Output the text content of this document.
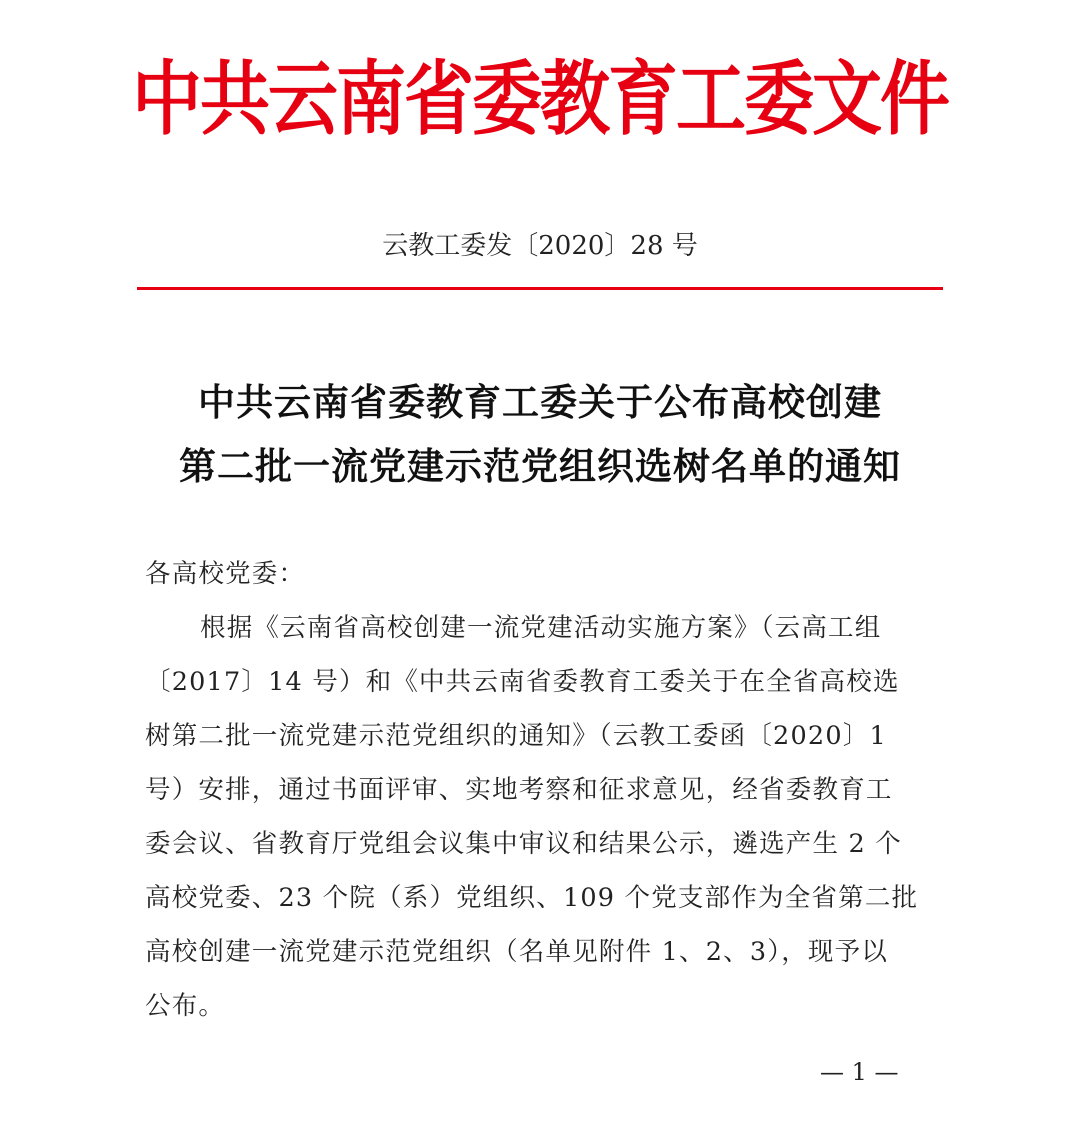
中共云南省委教育工委文件
云教工委发〔2020〕28 号
中共云南省委教育工委关于公布高校创建
第二批一流党建示范党组织选树名单的通知
各高校党委：
根据《云南省高校创建一流党建活动实施方案》（云高工组
〔2017〕14 号）和《中共云南省委教育工委关于在全省高校选
树第二批一流党建示范党组织的通知》（云教工委函〔2020〕1
号）安排，通过书面评审、实地考察和征求意见，经省委教育工
委会议、省教育厅党组会议集中审议和结果公示，遴选产生 2 个
高校党委、23 个院（系）党组织、109 个党支部作为全省第二批
高校创建一流党建示范党组织（名单见附件 1、2、3），现予以
公布。
— 1 —
